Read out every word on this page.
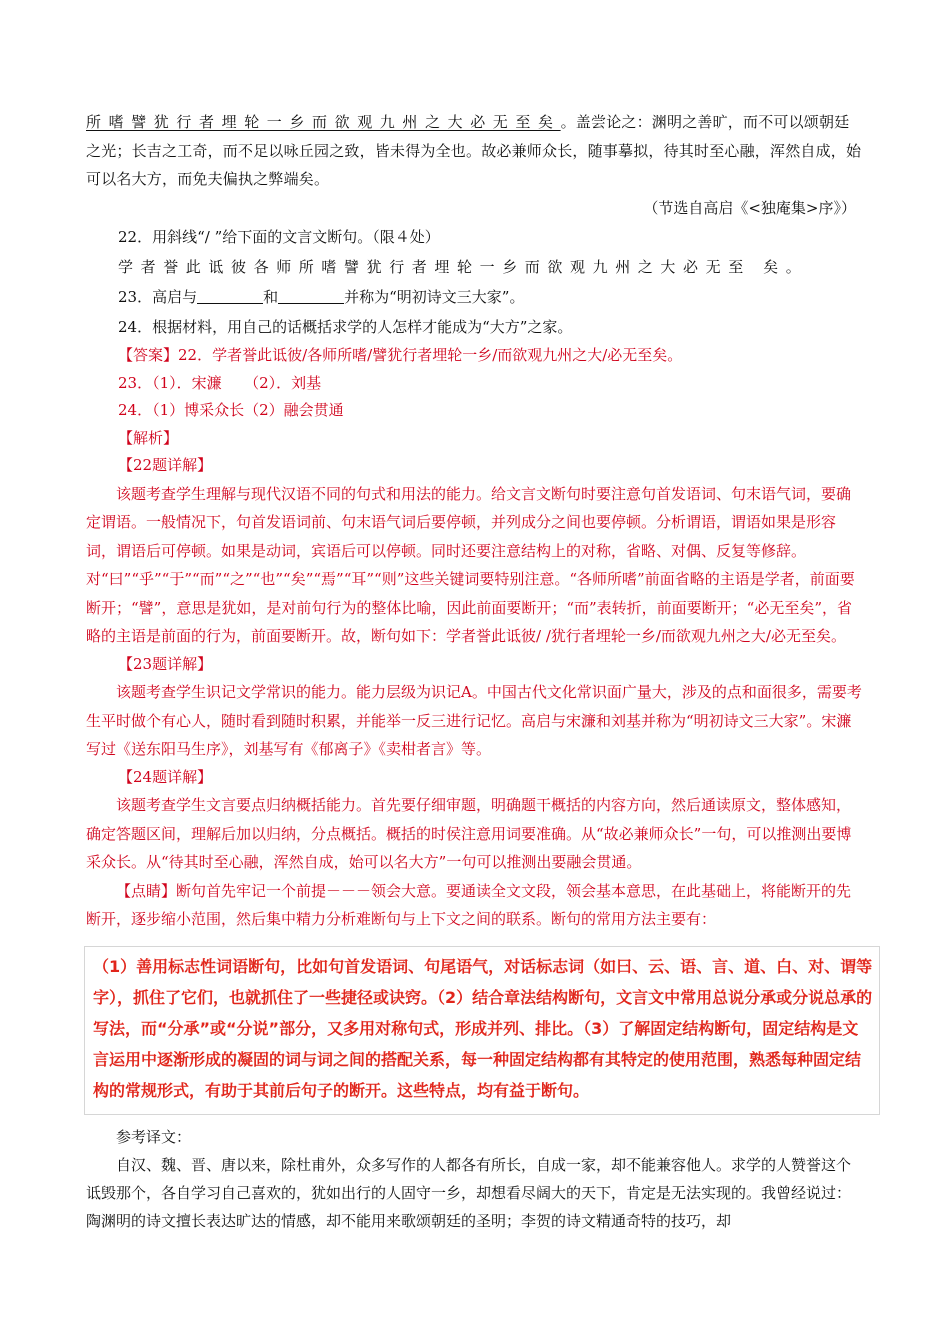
所嗜譬犹行者埋轮一乡而欲观九州之大必无至矣。盖尝论之：渊明之善旷，而不可以颂朝廷之光；长吉之工奇，而不足以咏丘园之致，皆未得为全也。故必兼师众长，随事摹拟，待其时至心融，浑然自成，始可以名大方，而免夫偏执之弊端矣。

（节选自高启《<独庵集>序》）

22．用斜线“/ ”给下面的文言文断句。（限４处）

学者誉此诋彼各师所嗜譬犹行者埋轮一乡而欲观九州之大必无至 矣。

23．高启与	和	并称为“明初诗文三大家”。

24．根据材料，用自己的话概括求学的人怎样才能成为“大方”之家。

【答案】22．学者誉此诋彼/各师所嗜/譬犹行者埋轮一乡/而欲观九州之大/必无至矣。

23．（1）．宋濂　　（2）．刘基

24．（1）博采众长（2）融会贯通

【解析】

【22题详解】

该题考查学生理解与现代汉语不同的句式和用法的能力。给文言文断句时要注意句首发语词、句末语气词，要确定谓语。一般情况下，句首发语词前、句末语气词后要停顿，并列成分之间也要停顿。分析谓语，谓语如果是形容词，谓语后可停顿。如果是动词，宾语后可以停顿。同时还要注意结构上的对称，省略、对偶、反复等修辞。对“曰”“乎”“于”“而”“之”“也”“矣”“焉”“耳”“则”这些关键词要特别注意。“各师所嗜”前面省略的主语是学者，前面要断开；“譬”，意思是犹如，是对前句行为的整体比喻，因此前面要断开；“而”表转折，前面要断开；“必无至矣”，省略的主语是前面的行为，前面要断开。故，断句如下：学者誉此诋彼/ /犹行者埋轮一乡/而欲观九州之大/必无至矣。

【23题详解】

该题考查学生识记文学常识的能力。能力层级为识记A。中国古代文化常识面广量大，涉及的点和面很多，需要考生平时做个有心人，随时看到随时积累，并能举一反三进行记忆。高启与宋濂和刘基并称为“明初诗文三大家”。宋濂写过《送东阳马生序》，刘基写有《郁离子》《卖柑者言》等。

【24题详解】

该题考查学生文言要点归纳概括能力。首先要仔细审题，明确题干概括的内容方向，然后通读原文，整体感知，确定答题区间，理解后加以归纳，分点概括。概括的时侯注意用词要准确。从“故必兼师众长”一句，可以推测出要博采众长。从“待其时至心融，浑然自成，始可以名大方”一句可以推测出要融会贯通。

【点睛】断句首先牢记一个前提－－－领会大意。要通读全文文段，领会基本意思，在此基础上，将能断开的先断开，逐步缩小范围，然后集中精力分析难断句与上下文之间的联系。断句的常用方法主要有：

（1）善用标志性词语断句，比如句首发语词、句尾语气，对话标志词（如曰、云、语、言、道、白、对、谓等字），抓住了它们，也就抓住了一些捷径或诀窍。（2）结合章法结构断句，文言文中常用总说分承或分说总承的写法，而“分承”或“分说”部分，又多用对称句式，形成并列、排比。（3）了解固定结构断句，固定结构是文言运用中逐渐形成的凝固的词与词之间的搭配关系，每一种固定结构都有其特定的使用范围，熟悉每种固定结构的常规形式，有助于其前后句子的断开。这些特点，均有益于断句。

参考译文：

自汉、魏、晋、唐以来，除杜甫外，众多写作的人都各有所长，自成一家，却不能兼容他人。求学的人赞誉这个诋毁那个，各自学习自己喜欢的，犹如出行的人固守一乡，却想看尽阔大的天下，肯定是无法实现的。我曾经说过：陶渊明的诗文擅长表达旷达的情感，却不能用来歌颂朝廷的圣明；李贺的诗文精通奇特的技巧，却
